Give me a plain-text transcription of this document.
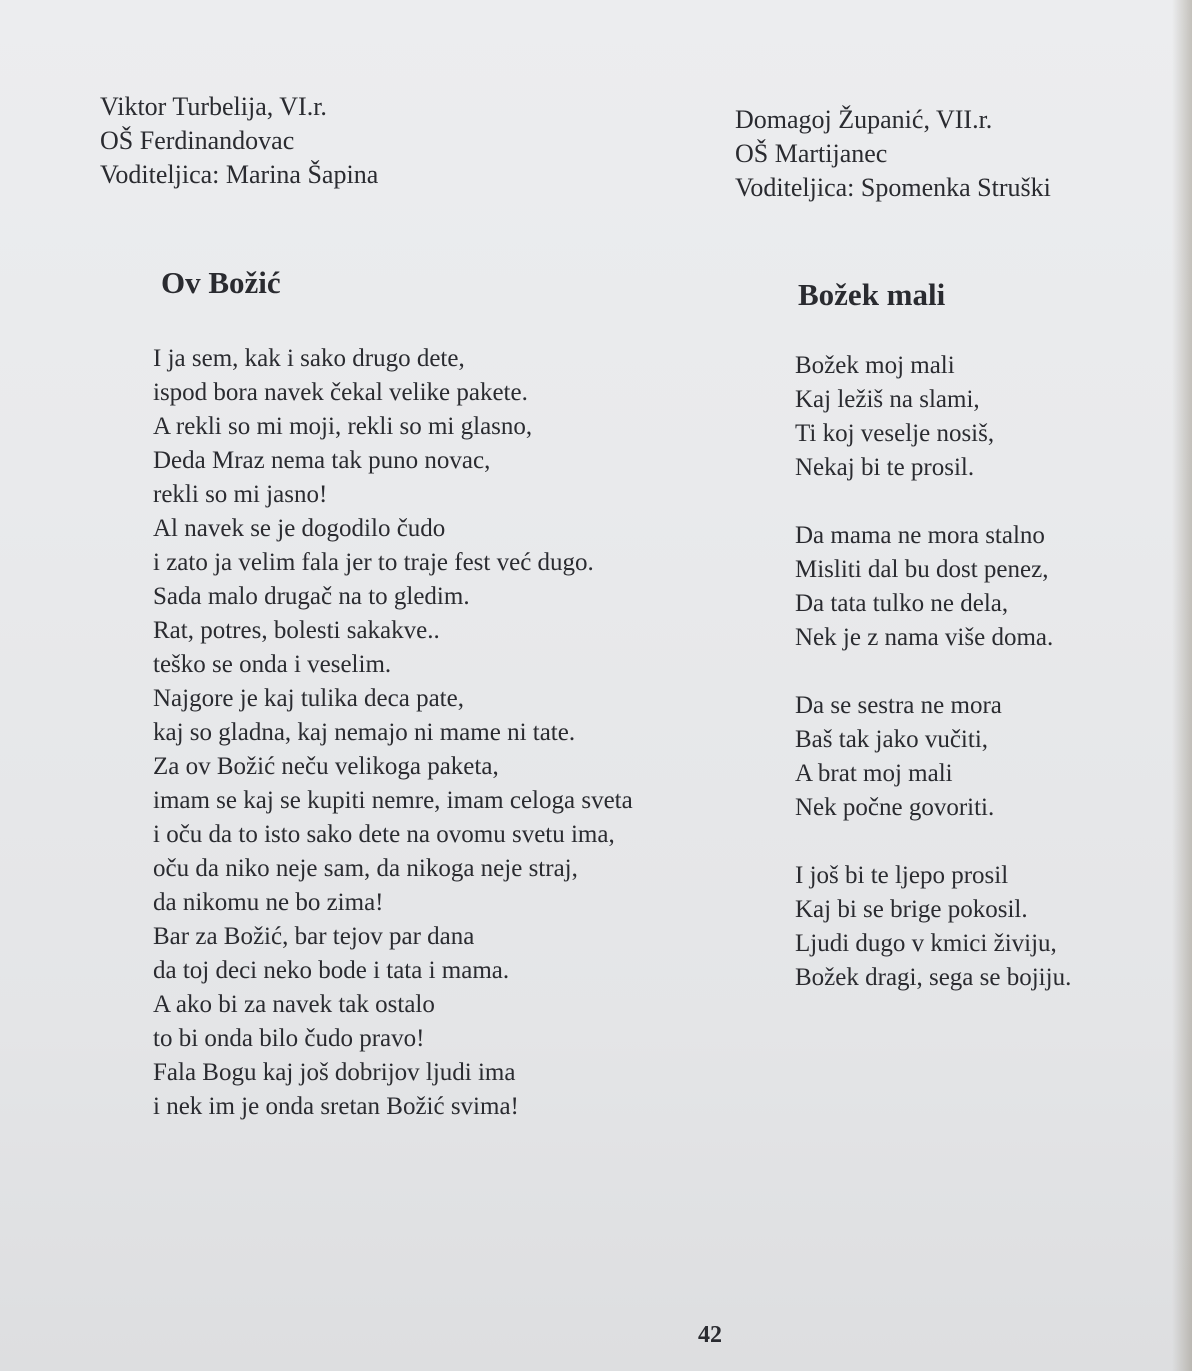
Viktor Turbelija, VI.r.
OŠ Ferdinandovac
Voditeljica: Marina Šapina
Domagoj Županić, VII.r.
OŠ Martijanec
Voditeljica: Spomenka Struški
Ov Božić	Božek mali
I ja sem, kak i sako drugo dete,
ispod bora navek čekal velike pakete.
A rekli so mi moji, rekli so mi glasno,
Deda Mraz nema tak puno novac,
rekli so mi jasno!
Al navek se je dogodilo čudo
i zato ja velim fala jer to traje fest već dugo.
Sada malo drugač na to gledim.
Rat, potres, bolesti sakakve..
teško se onda i veselim.
Najgore je kaj tulika deca pate,
kaj so gladna, kaj nemajo ni mame ni tate.
Za ov Božić neču velikoga paketa,
imam se kaj se kupiti nemre, imam celoga sveta
i oču da to isto sako dete na ovomu svetu ima,
oču da niko neje sam, da nikoga neje straj,
da nikomu ne bo zima!
Bar za Božić, bar tejov par dana
da toj deci neko bode i tata i mama.
A ako bi za navek tak ostalo
to bi onda bilo čudo pravo!
Fala Bogu kaj još dobrijov ljudi ima
i nek im je onda sretan Božić svima!
Božek moj mali
Kaj ležiš na slami,
Ti koj veselje nosiš,
Nekaj bi te prosil.
Da mama ne mora stalno
Misliti dal bu dost penez,
Da tata tulko ne dela,
Nek je z nama više doma.
Da se sestra ne mora
Baš tak jako vučiti,
A brat moj mali
Nek počne govoriti.
I još bi te ljepo prosil
Kaj bi se brige pokosil.
Ljudi dugo v kmici živiju,
Božek dragi, sega se bojiju.
42
